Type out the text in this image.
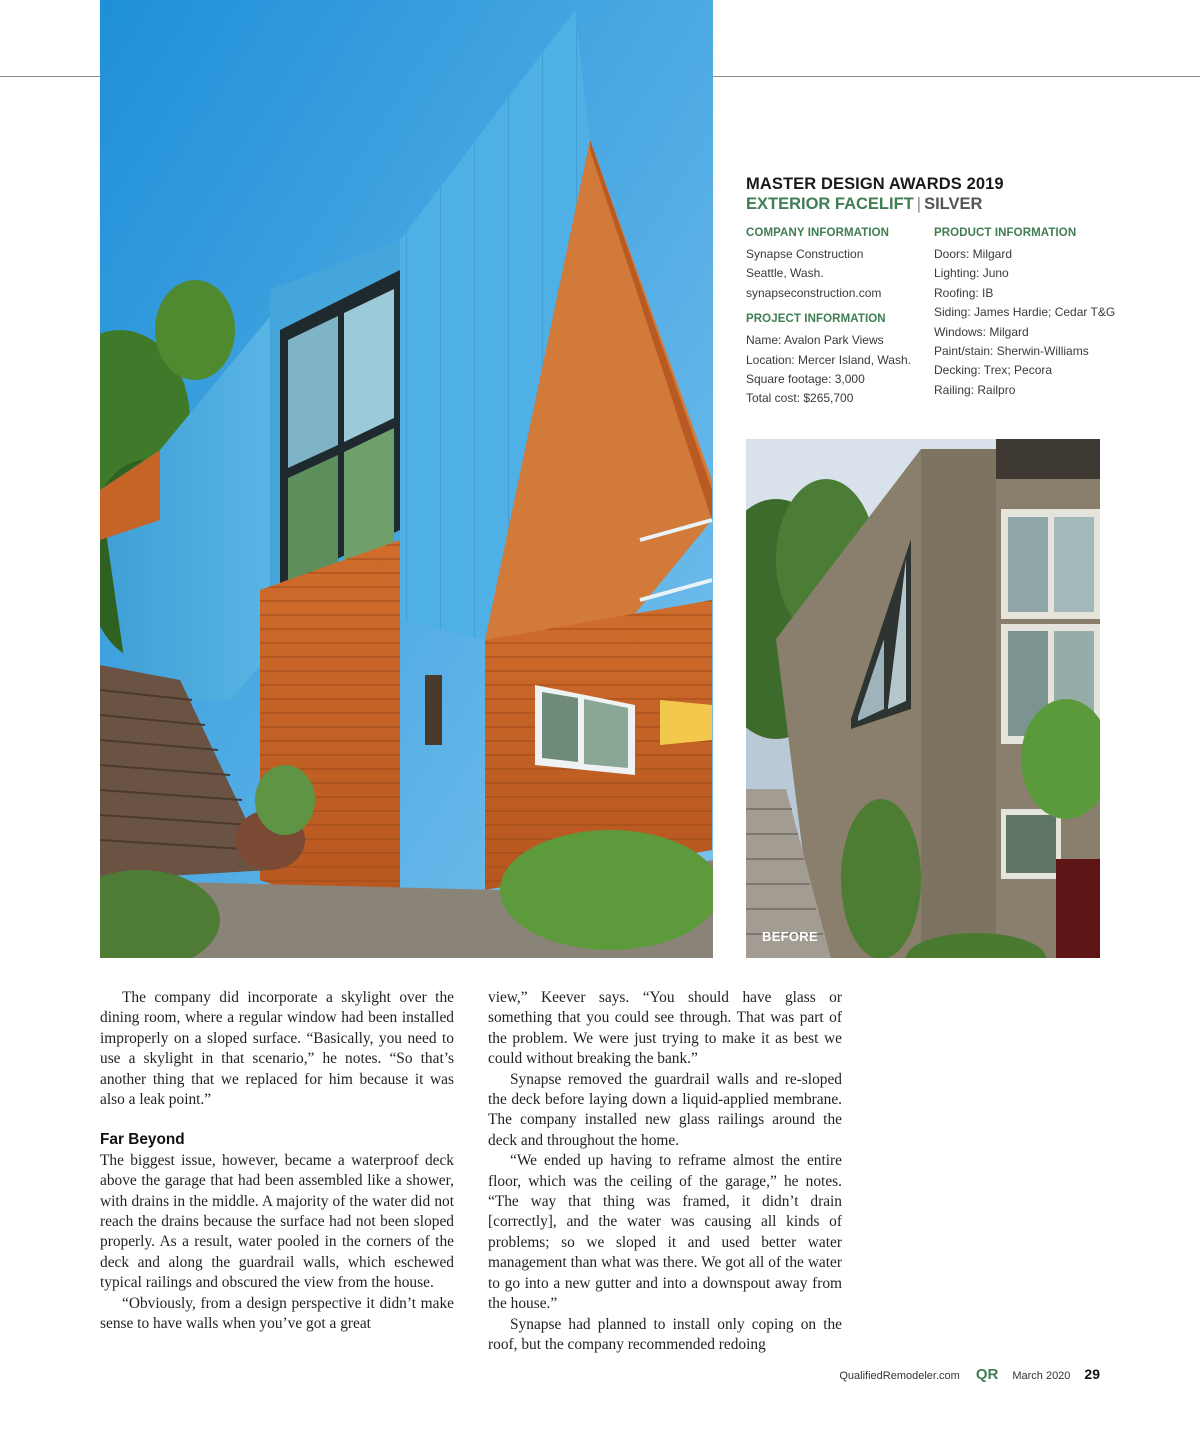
MASTER DESIGN AWARDS 2019
EXTERIOR FACELIFT | SILVER
COMPANY INFORMATION
Synapse Construction
Seattle, Wash.
synapseconstruction.com
PROJECT INFORMATION
Name: Avalon Park Views
Location: Mercer Island, Wash.
Square footage: 3,000
Total cost: $265,700
PRODUCT INFORMATION
Doors: Milgard
Lighting: Juno
Roofing: IB
Siding: James Hardie; Cedar T&G
Windows: Milgard
Paint/stain: Sherwin-Williams
Decking: Trex; Pecora
Railing: Railpro
BEFORE

The company did incorporate a skylight over the dining room, where a regular window had been installed improperly on a sloped surface. “Basically, you need to use a skylight in that scenario,” he notes. “So that’s another thing that we replaced for him because it was also a leak point.”

Far Beyond

The biggest issue, however, became a waterproof deck above the garage that had been assembled like a shower, with drains in the middle. A majority of the water did not reach the drains because the surface had not been sloped properly. As a result, water pooled in the corners of the deck and along the guardrail walls, which eschewed typical railings and obscured the view from the house.

“Obviously, from a design perspective it didn’t make sense to have walls when you’ve got a great

view,” Keever says. “You should have glass or something that you could see through. That was part of the problem. We were just trying to make it as best we could without breaking the bank.”

Synapse removed the guardrail walls and re-sloped the deck before laying down a liquid-applied membrane. The company installed new glass railings around the deck and throughout the home.

“We ended up having to reframe almost the entire floor, which was the ceiling of the garage,” he notes. “The way that thing was framed, it didn’t drain [correctly], and the water was causing all kinds of problems; so we sloped it and used better water management than what was there. We got all of the water to go into a new gutter and into a downspout away from the house.”

Synapse had planned to install only coping on the roof, but the company recommended redoing

QualifiedRemodeler.com QR March 2020 29
